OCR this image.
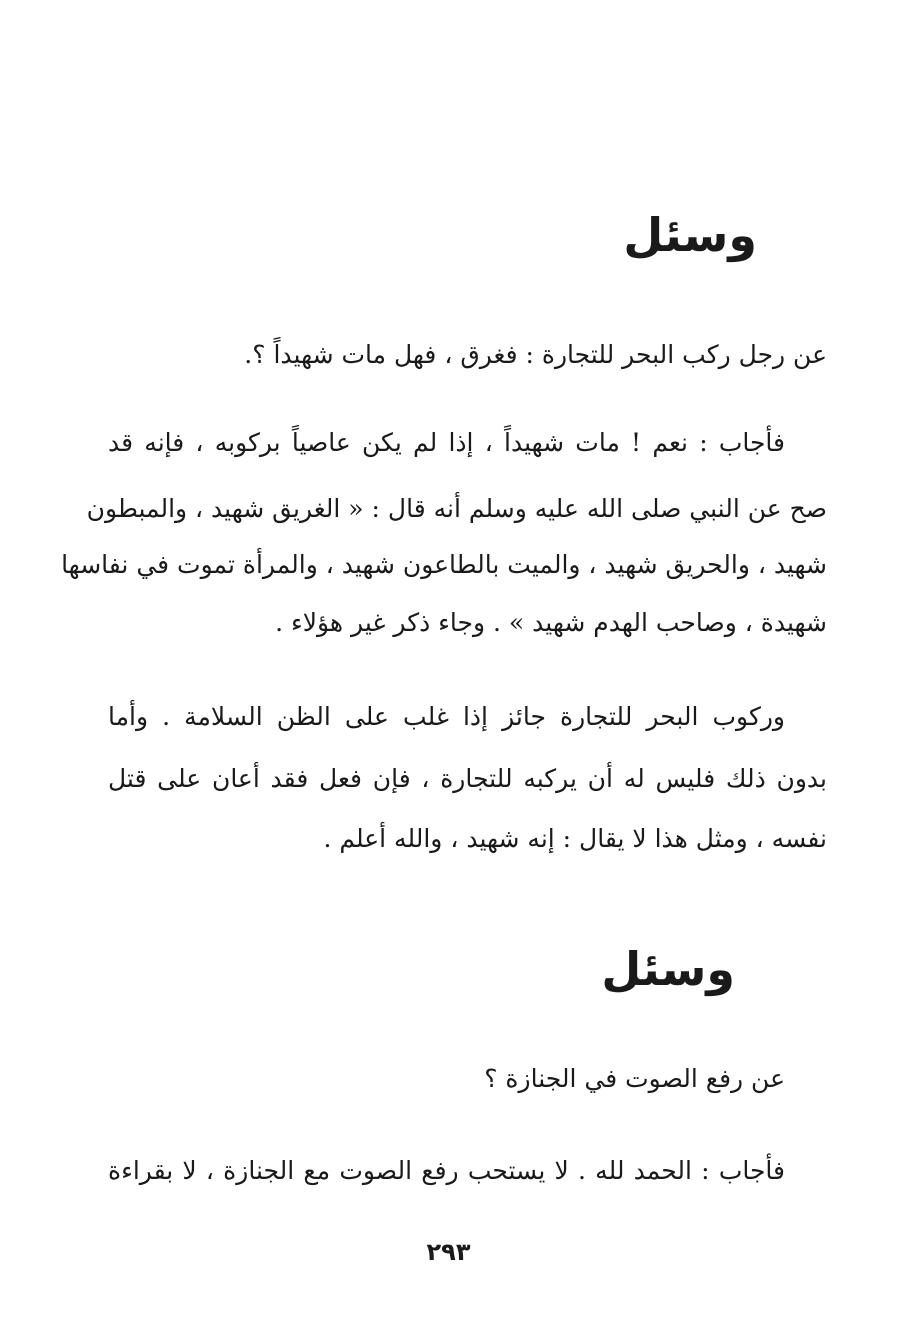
وسئل
عن رجل ركب البحر للتجارة : فغرق ، فهل مات شهيداً ؟.
فأجاب : نعم ! مات شهيداً ، إذا لم يكن عاصياً بركوبه ، فإنه قد
صح عن النبي صلى الله عليه وسلم أنه قال : « الغريق شهيد ، والمبطون
شهيد ، والحريق شهيد ، والميت بالطاعون شهيد ، والمرأة تموت في نفاسها
شهيدة ، وصاحب الهدم شهيد » . وجاء ذكر غير هؤلاء .
وركوب البحر للتجارة جائز إذا غلب على الظن السلامة . وأما
بدون ذلك فليس له أن يركبه للتجارة ، فإن فعل فقد أعان على قتل
نفسه ، ومثل هذا لا يقال : إنه شهيد ، والله أعلم .
وسئل
عن رفع الصوت في الجنازة ؟
فأجاب : الحمد لله . لا يستحب رفع الصوت مع الجنازة ، لا بقراءة
٢٩٣
